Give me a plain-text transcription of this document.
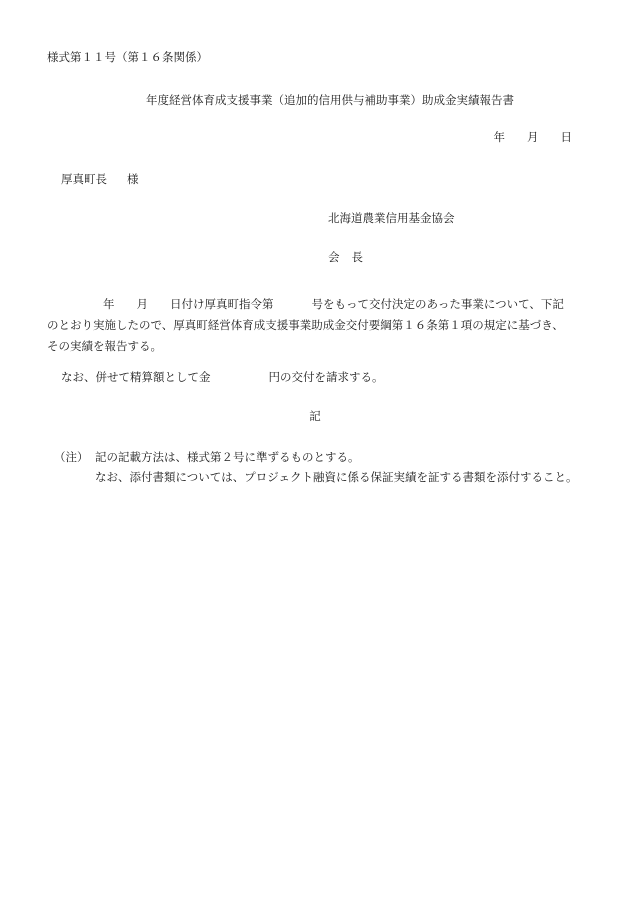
様式第１１号（第１６条関係）
年度経営体育成支援事業（追加的信用供与補助事業）助成金実績報告書
年 月 日
厚真町長 様
北海道農業信用基金協会
会 長
年 月 日付け厚真町指令第	号をもって交付決定のあった事業について、下記
のとおり実施したので、厚真町経営体育成支援事業助成金交付要綱第１６条第１項の規定に基づき、
その実績を報告する。
なお、併せて精算額として金	円の交付を請求する。
記
（注） 記の記載方法は、様式第２号に準ずるものとする。
なお、添付書類については、プロジェクト融資に係る保証実績を証する書類を添付すること。
